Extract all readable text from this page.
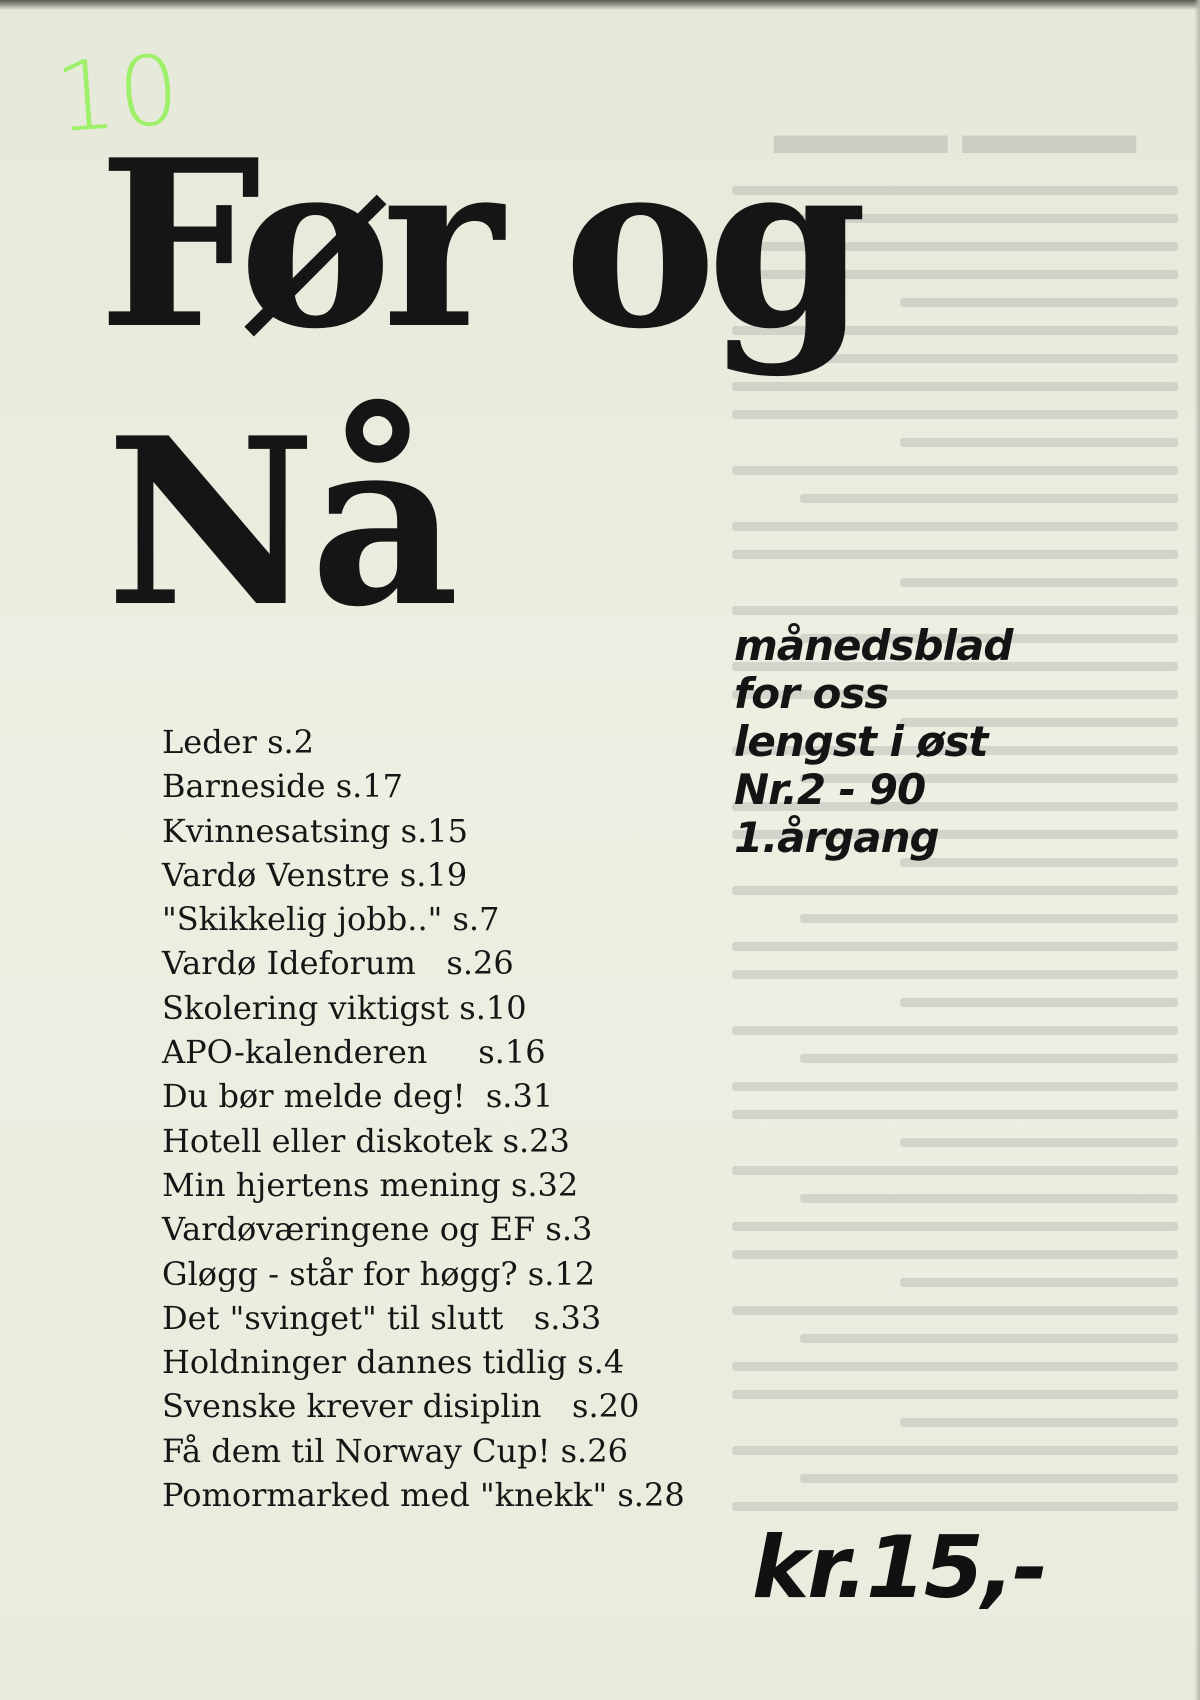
▬▬▬ ▬▬▬

10

Før og
Nå	månedsblad
for oss
lengst i øst
Nr.2 - 90
1.årgang
Leder s.2
Barneside s.17
Kvinnesatsing s.15
Vardø Venstre s.19
"Skikkelig jobb.." s.7
Vardø Ideforum   s.26
Skolering viktigst s.10
APO-kalenderen     s.16
Du bør melde deg!  s.31
Hotell eller diskotek s.23
Min hjertens mening s.32
Vardøværingene og EF s.3
Gløgg - står for høgg? s.12
Det "svinget" til slutt   s.33
Holdninger dannes tidlig s.4
Svenske krever disiplin   s.20
Få dem til Norway Cup! s.26
Pomormarked med "knekk" s.28

kr.15,-
